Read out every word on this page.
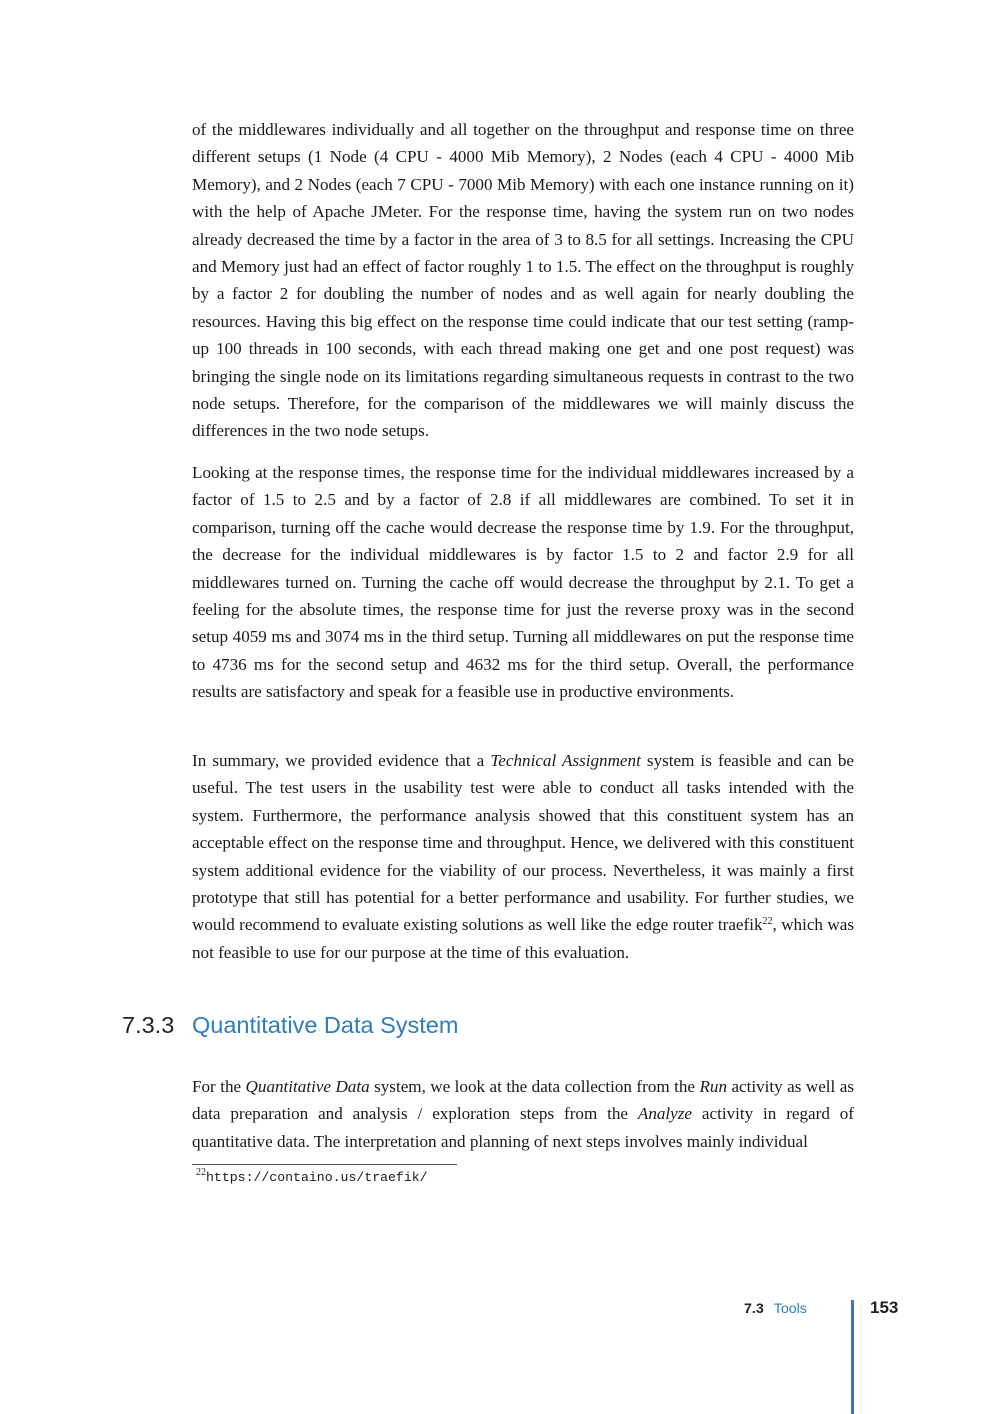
of the middlewares individually and all together on the throughput and response time on three different setups (1 Node (4 CPU - 4000 Mib Memory), 2 Nodes (each 4 CPU - 4000 Mib Memory), and 2 Nodes (each 7 CPU - 7000 Mib Memory) with each one instance running on it) with the help of Apache JMeter. For the response time, having the system run on two nodes already decreased the time by a factor in the area of 3 to 8.5 for all settings. Increasing the CPU and Memory just had an effect of factor roughly 1 to 1.5. The effect on the throughput is roughly by a factor 2 for doubling the number of nodes and as well again for nearly doubling the resources. Having this big effect on the response time could indicate that our test setting (ramp-up 100 threads in 100 seconds, with each thread making one get and one post request) was bringing the single node on its limitations regarding simultaneous requests in contrast to the two node setups. Therefore, for the comparison of the middlewares we will mainly discuss the differences in the two node setups.

Looking at the response times, the response time for the individual middlewares increased by a factor of 1.5 to 2.5 and by a factor of 2.8 if all middlewares are combined. To set it in comparison, turning off the cache would decrease the response time by 1.9. For the throughput, the decrease for the individual middlewares is by factor 1.5 to 2 and factor 2.9 for all middlewares turned on. Turning the cache off would decrease the throughput by 2.1. To get a feeling for the absolute times, the response time for just the reverse proxy was in the second setup 4059 ms and 3074 ms in the third setup. Turning all middlewares on put the response time to 4736 ms for the second setup and 4632 ms for the third setup. Overall, the performance results are satisfactory and speak for a feasible use in productive environments.

In summary, we provided evidence that a Technical Assignment system is feasible and can be useful. The test users in the usability test were able to conduct all tasks intended with the system. Furthermore, the performance analysis showed that this constituent system has an acceptable effect on the response time and throughput. Hence, we delivered with this constituent system additional evidence for the viability of our process. Nevertheless, it was mainly a first prototype that still has potential for a better performance and usability. For further studies, we would recommend to evaluate existing solutions as well like the edge router traefik$^{22}$, which was not feasible to use for our purpose at the time of this evaluation.

7.3.3 Quantitative Data System

For the Quantitative Data system, we look at the data collection from the Run activity as well as data preparation and analysis / exploration steps from the Analyze activity in regard of quantitative data. The interpretation and planning of next steps involves mainly individual

$^{22}$https://containo.us/traefik/
7.3 Tools	153
